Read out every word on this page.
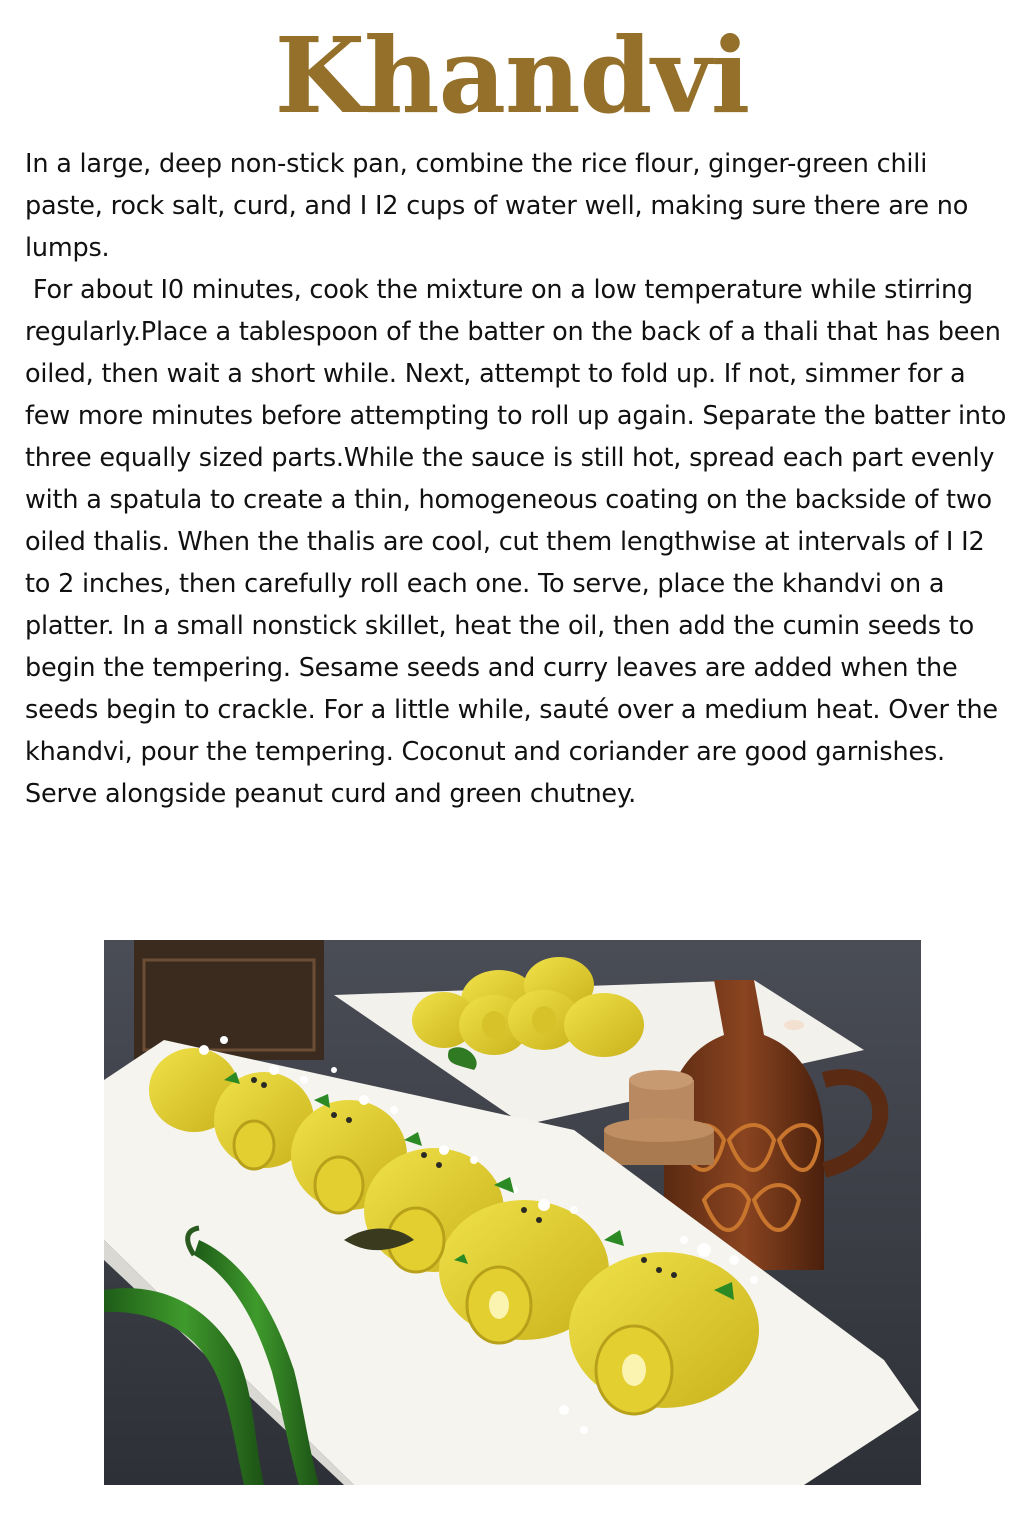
Khandvi

In a large, deep non-stick pan, combine the rice flour, ginger-green chili paste, rock salt, curd, and I I2 cups of water well, making sure there are no lumps.

For about I0 minutes, cook the mixture on a low temperature while stirring regularly.Place a tablespoon of the batter on the back of a thali that has been oiled, then wait a short while. Next, attempt to fold up. If not, simmer for a few more minutes before attempting to roll up again. Separate the batter into three equally sized parts.While the sauce is still hot, spread each part evenly with a spatula to create a thin, homogeneous coating on the backside of two oiled thalis. When the thalis are cool, cut them lengthwise at intervals of I I2 to 2 inches, then carefully roll each one. To serve, place the khandvi on a platter. In a small nonstick skillet, heat the oil, then add the cumin seeds to begin the tempering. Sesame seeds and curry leaves are added when the seeds begin to crackle. For a little while, sauté over a medium heat. Over the khandvi, pour the tempering. Coconut and coriander are good garnishes. Serve alongside peanut curd and green chutney.
